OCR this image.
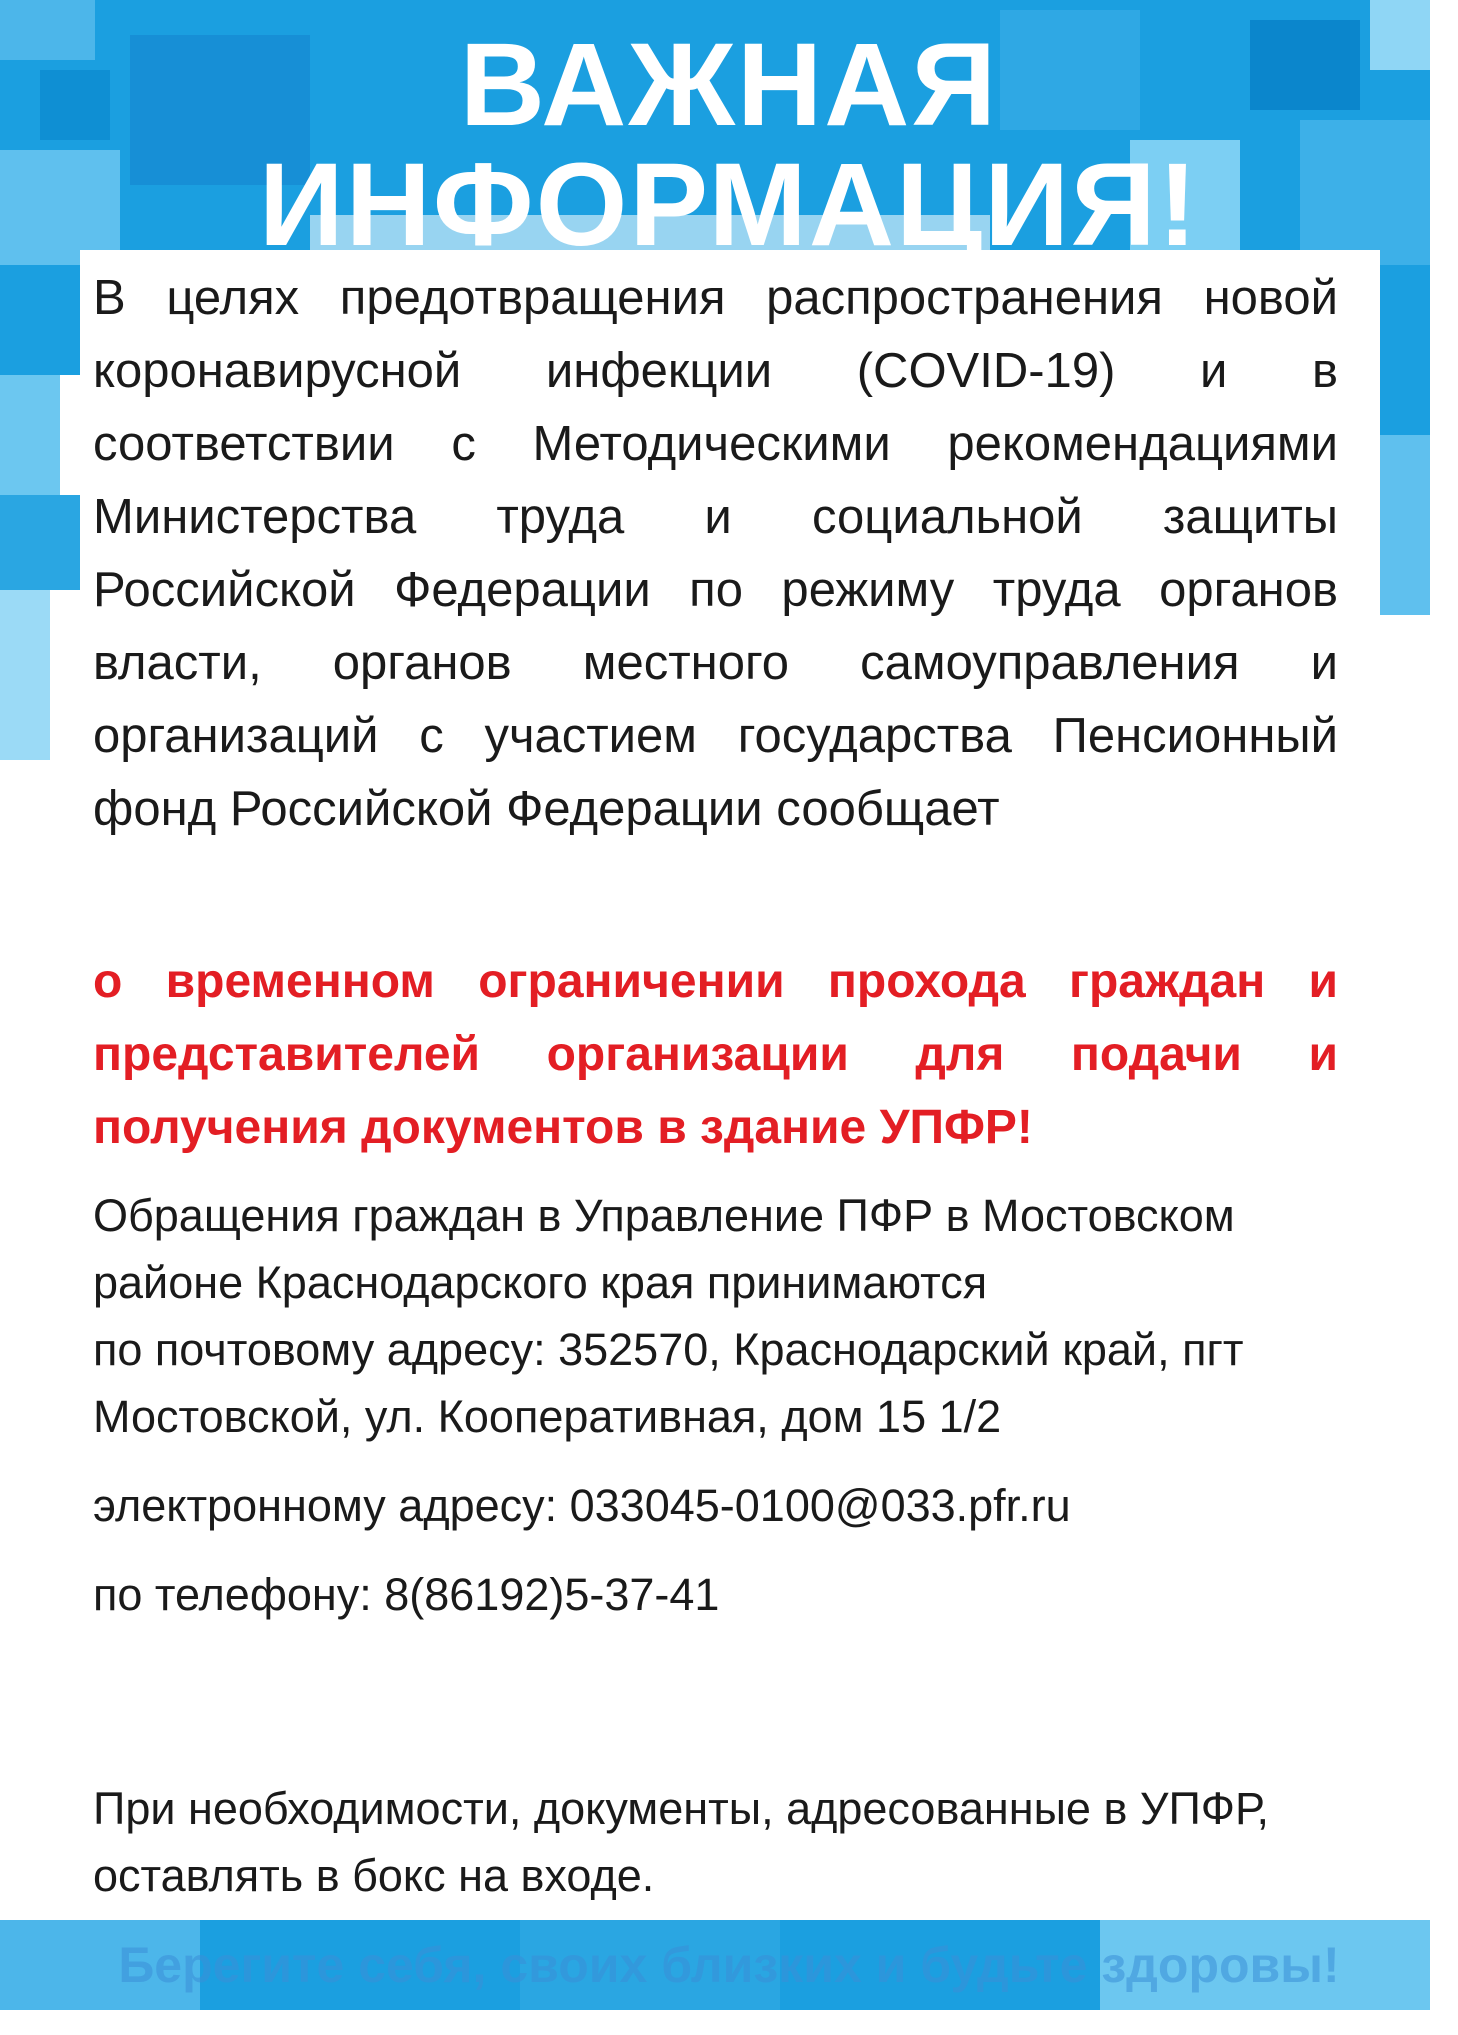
ВАЖНАЯ
ИНФОРМАЦИЯ!

В целях предотвращения распространения новой коронавирусной инфекции (COVID-19) и в соответствии с Методическими рекомендациями Министерства труда и социальной защиты Российской Федерации по режиму труда органов власти, органов местного самоуправления и организаций с участием государства Пенсионный фонд Российской Федерации сообщает

о временном ограничении прохода граждан и представителей организации для подачи и получения документов в здание УПФР!

Обращения граждан в Управление ПФР в Мостовском районе Краснодарского края принимаются

по почтовому адресу: 352570, Краснодарский край, пгт Мостовской, ул. Кооперативная, дом 15 1/2

электронному адресу: 033045-0100@033.pfr.ru

по телефону: 8(86192)5-37-41

При необходимости, документы, адресованные в УПФР, оставлять в бокс на входе.

Берегите себя, своих близких и будьте здоровы!
